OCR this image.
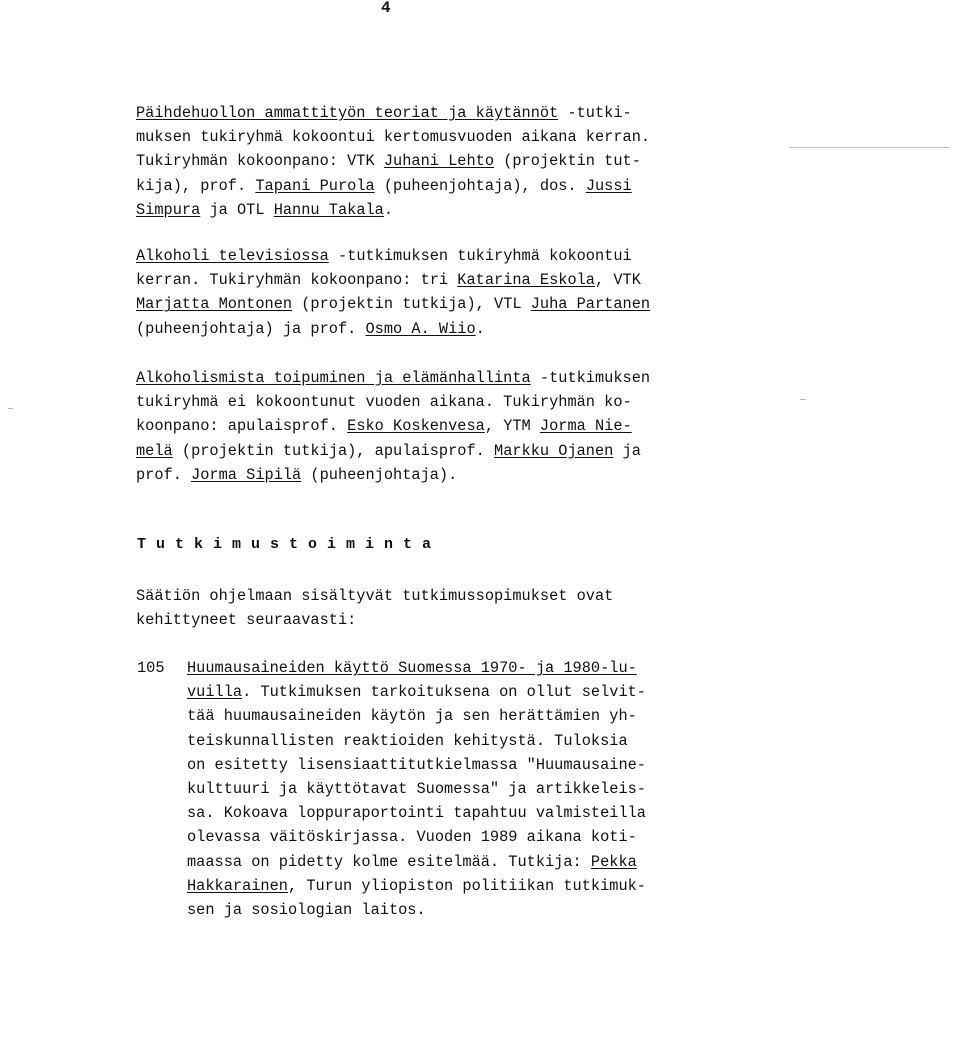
4
Päihdehuollon ammattityön teoriat ja käytännöt -tutki-
muksen tukiryhmä kokoontui kertomusvuoden aikana kerran.
Tukiryhmän kokoonpano: VTK Juhani Lehto (projektin tut-
kija), prof. Tapani Purola (puheenjohtaja), dos. Jussi
Simpura ja OTL Hannu Takala.
Alkoholi televisiossa -tutkimuksen tukiryhmä kokoontui
kerran. Tukiryhmän kokoonpano: tri Katarina Eskola, VTK
Marjatta Montonen (projektin tutkija), VTL Juha Partanen
(puheenjohtaja) ja prof. Osmo A. Wiio.
Alkoholismista toipuminen ja elämänhallinta -tutkimuksen
tukiryhmä ei kokoontunut vuoden aikana. Tukiryhmän ko-
koonpano: apulaisprof. Esko Koskenvesa, YTM Jorma Nie-
melä (projektin tutkija), apulaisprof. Markku Ojanen ja
prof. Jorma Sipilä (puheenjohtaja).
Tutkimustoiminta
Säätiön ohjelmaan sisältyvät tutkimussopimukset ovat
kehittyneet seuraavasti:
105 Huumausaineiden käyttö Suomessa 1970- ja 1980-lu-
vuilla. Tutkimuksen tarkoituksena on ollut selvit-
tää huumausaineiden käytön ja sen herättämien yh-
teiskunnallisten reaktioiden kehitystä. Tuloksia
on esitetty lisensiaattitutkielmassa "Huumausaine-
kulttuuri ja käyttötavat Suomessa" ja artikkeleis-
sa. Kokoava loppuraportointi tapahtuu valmisteilla
olevassa väitöskirjassa. Vuoden 1989 aikana koti-
maassa on pidetty kolme esitelmää. Tutkija: Pekka
Hakkarainen, Turun yliopiston politiikan tutkimuk-
sen ja sosiologian laitos.
